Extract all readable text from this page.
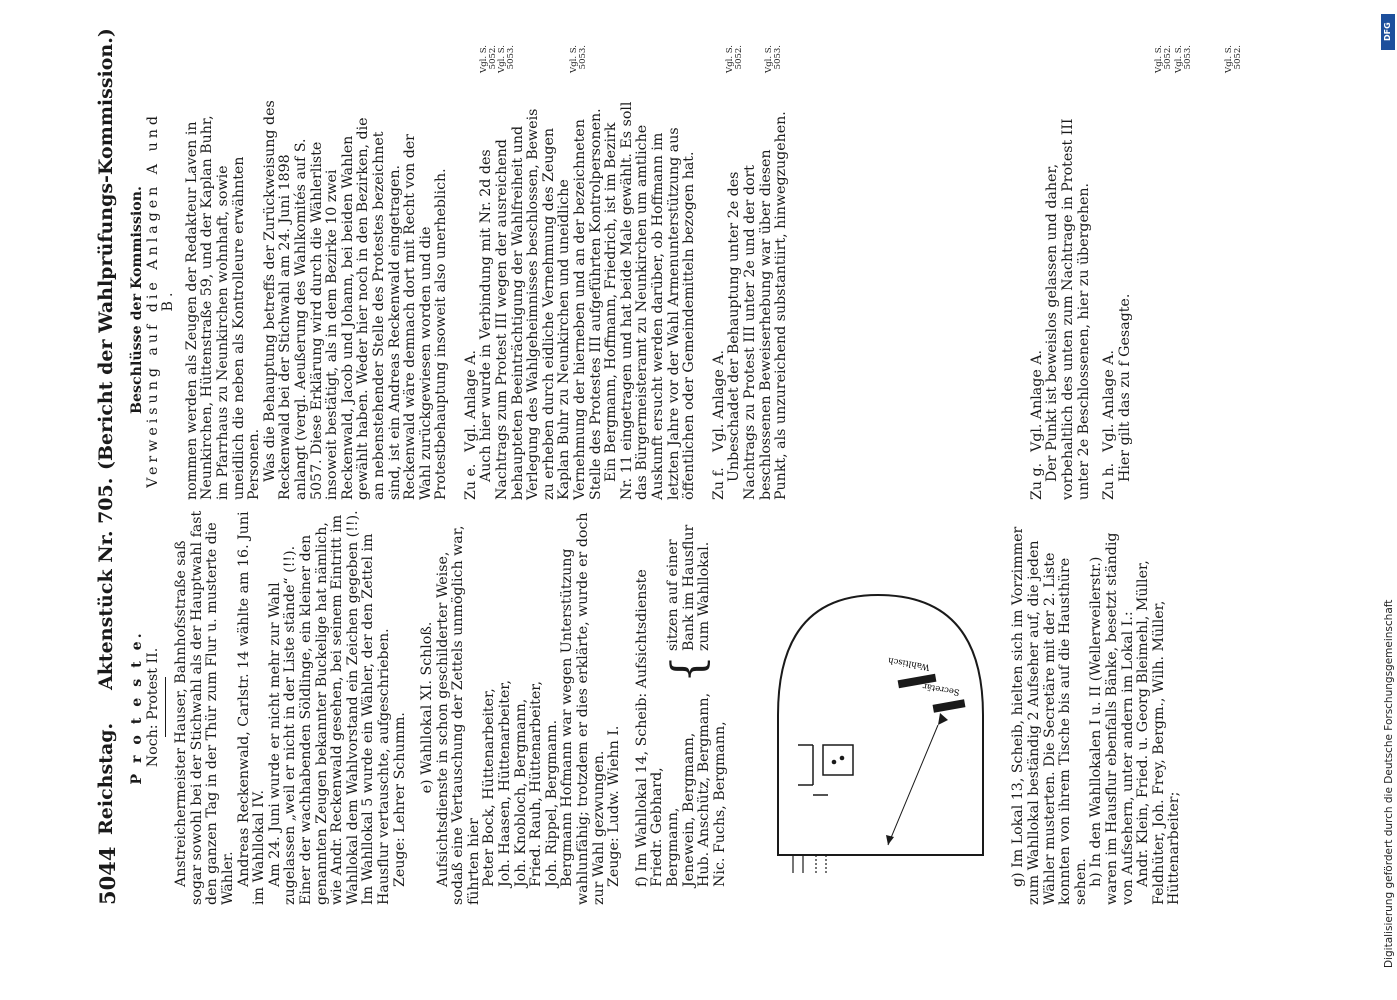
5044
Reichstag.
Aktenstück Nr. 705.
(Bericht der Wahlprüfungs-Kommission.)
P r o t e s t e. Noch: Protest II. Anstreichermeister Hauser, Bahnhofsstraße saß sogar sowohl bei der Stichwahl als der Hauptwahl fast den ganzen Tag in der Thür zum Flur u. musterte die Wähler. Andreas Reckenwald, Carlstr. 14 wählte am 16. Juni im Wahllokal IV. Am 24. Juni wurde er nicht mehr zur Wahl zugelassen „weil er nicht in der Liste stände“ (!!). Einer der wachhabenden Söldlinge, ein kleiner den genannten Zeugen bekannter Buckelige hat nämlich, wie Andr. Reckenwald gesehen, bei seinem Eintritt im Wahllokal dem Wahlvorstand ein Zeichen gegeben (!!). Im Wahllokal 5 wurde ein Wähler, der den Zettel im Hausflur vertauschte, aufgeschrieben. Zeuge: Lehrer Schumm.

e) Wahllokal XI. Schloß. Aufsichtsdienste in schon geschilderter Weise, sodaß eine Vertauschung der Zettels unmöglich war, führten hier Peter Bock, Hüttenarbeiter, Joh. Haasen, Hüttenarbeiter, Joh. Knobloch, Bergmann, Fried. Rauh, Hüttenarbeiter, Joh. Rippel, Bergmann. Bergmann Hofmann war wegen Unterstützung wahlunfähig; trotzdem er dies erklärte, wurde er doch zur Wahl gezwungen. Zeuge: Ludw. Wiehn I. f) Im Wahllokal 14, Scheib: Aufsichtsdienste Friedr. Gebhard, Bergmann, Jenewein, Bergmann, Hub. Anschütz, Bergmann, Nic. Fuchs, Bergmann,
{
sitzen auf einer Bank im Hausflur zum Wahllokal.
Secretär
Wahltisch	g) Im Lokal 13, Scheib, hielten sich im Vorzimmer zum Wahllokal beständig 2 Aufseher auf, die jeden Wähler musterten. Die Secretäre mit der 2. Liste konnten von ihrem Tische bis auf die Hausthüre sehen. h) In den Wahllokalen I u. II (Wellerweilerstr.) waren im Hausflur ebenfalls Bänke, besetzt ständig von Aufsehern, unter andern im Lokal I.: Andr. Klein, Fried. u. Georg Bleimehl, Müller, Feldhüter, Joh. Frey, Bergm., Wilh. Müller, Hüttenarbeiter;

Beschlüsse der Kommission. Verweisung auf die Anlagen A und B. nommen werden als Zeugen der Redakteur Laven in Neunkirchen, Hüttenstraße 59, und der Kaplan Buhr, im Pfarrhaus zu Neunkirchen wohnhaft, sowie uneidlich die neben als Kontrolleure erwähnten Personen. Was die Behauptung betreffs der Zurückweisung des Reckenwald bei der Stichwahl am 24. Juni 1898 anlangt (vergl. Aeußerung des Wahlkomités auf S. 5057. Diese Erklärung wird durch die Wählerliste insoweit bestätigt, als in dem Bezirke 10 zwei Reckenwald, Jacob und Johann, bei beiden Wahlen gewählt haben. Weder hier noch in den Bezirken, die an nebenstehender Stelle des Protestes bezeichnet sind, ist ein Andreas Reckenwald eingetragen. Reckenwald wäre demnach dort mit Recht von der Wahl zurückgewiesen worden und die Protestbehauptung insoweit also unerheblich. Zu e.
Vgl. Anlage A. Auch hier wurde in Verbindung mit Nr. 2d des Nachtrags zum Protest III wegen der ausreichend behaupteten Beeinträchtigung der Wahlfreiheit und Verlegung des Wahlgeheimnisses beschlossen, Beweis zu erheben durch eidliche Vernehmung des Zeugen Kaplan Buhr zu Neunkirchen und uneidliche Vernehmung der hierneben und an der bezeichneten Stelle des Protestes III aufgeführten Kontrolpersonen. Ein Bergmann, Hoffmann, Friedrich, ist im Bezirk Nr. 11 eingetragen und hat beide Male gewählt. Es soll das Bürgermeisteramt zu Neunkirchen um amtliche Auskunft ersucht werden darüber, ob Hoffmann im letzten Jahre vor der Wahl Armenunterstützung aus öffentlichen oder Gemeindemitteln bezogen hat. Zu f.
Vgl. Anlage A. Unbeschadet der Behauptung unter 2e des Nachtrags zu Protest III unter 2e und der dort beschlossenen Beweiserhebung war über diesen Punkt, als unzureichend substantiirt, hinwegzugehen.	Zu g.
Vgl. Anlage A. Der Punkt ist beweislos gelassen und daher, vorbehaltlich des unten zum Nachtrage in Protest III unter 2e Beschlossenen, hier zu übergehen. Zu h.
Vgl. Anlage A. Hier gilt das zu f Gesagte.

Vgl. S. 5052. Vgl. S. 5053.	Vgl. S. 5053.	Vgl. S. 5052. Vgl. S. 5053.	Vgl. S. 5052. Vgl. S. 5053.	Vgl. S. 5052.
DFG
Digitalisierung gefördert durch die Deutsche Forschungsgemeinschaft
